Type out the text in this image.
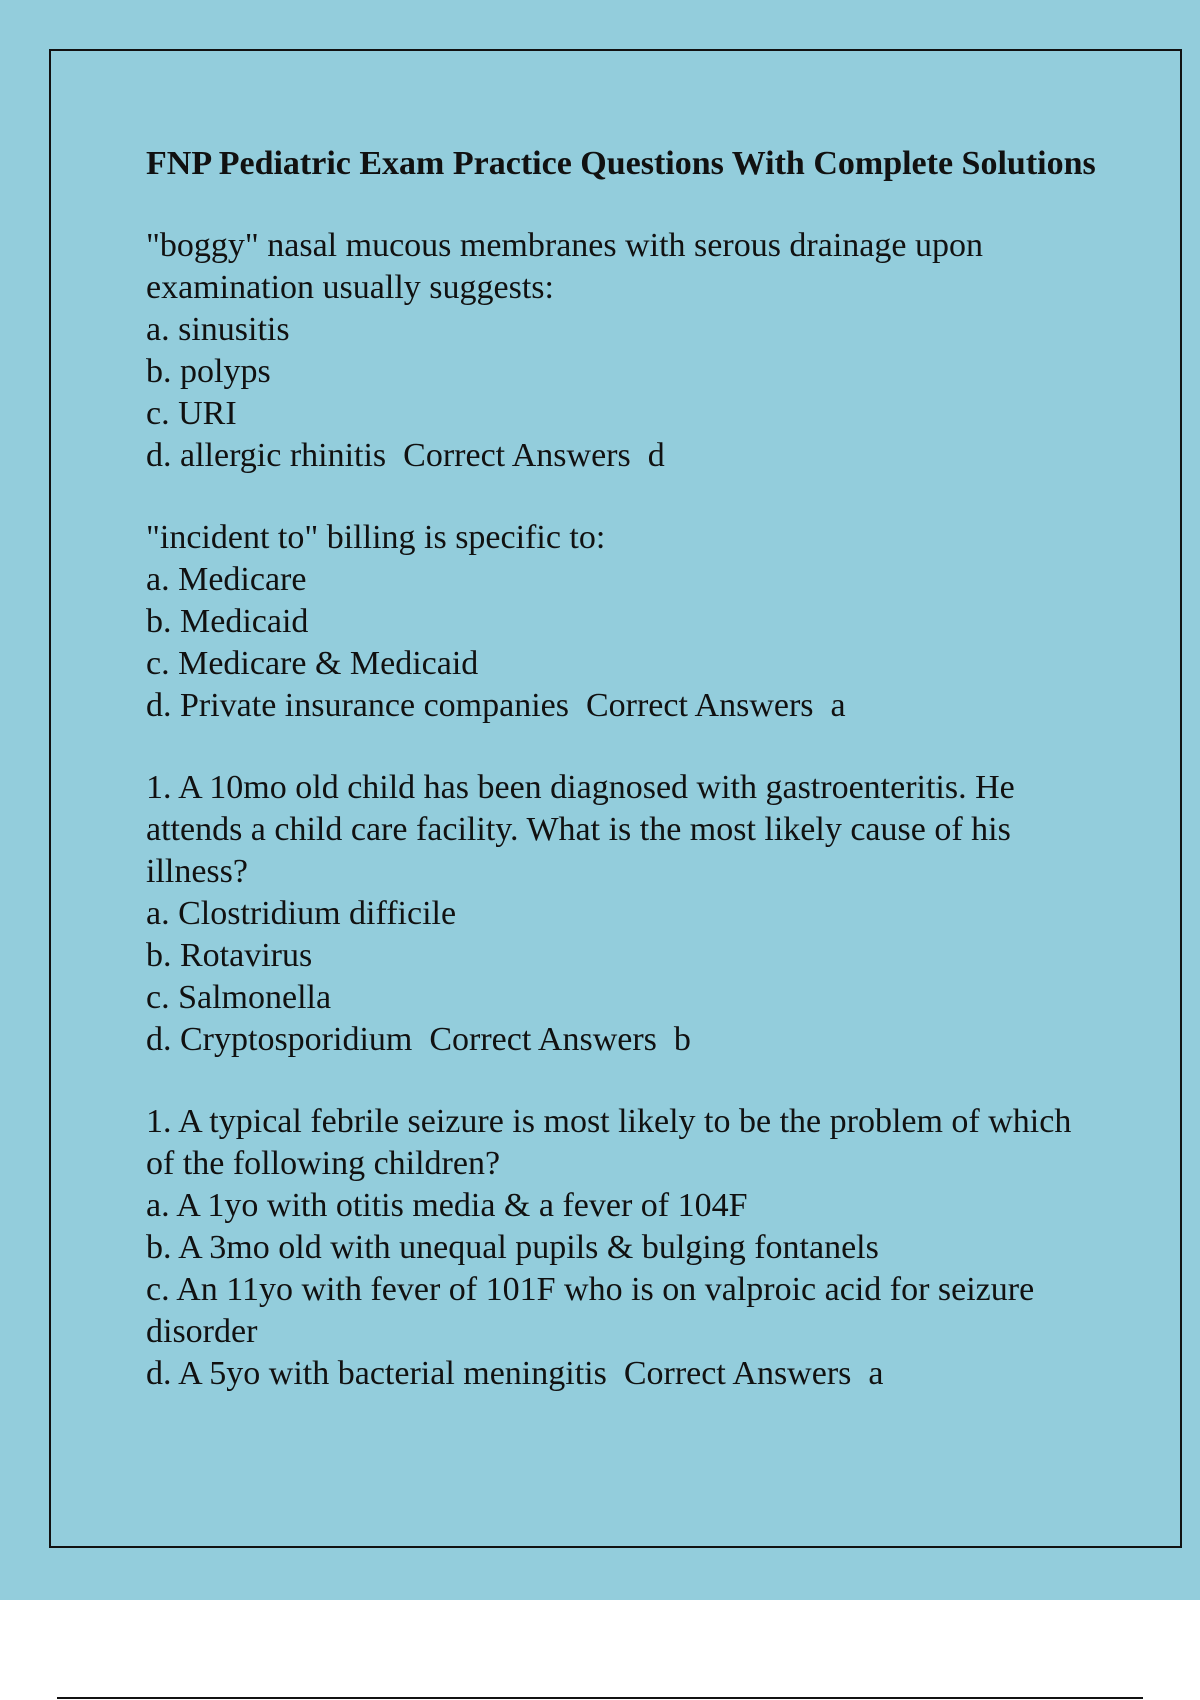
FNP Pediatric Exam Practice Questions With Complete Solutions
"boggy" nasal mucous membranes with serous drainage upon examination usually suggests:
a. sinusitis
b. polyps
c. URI
d. allergic rhinitis  Correct Answers  d
"incident to" billing is specific to:
a. Medicare
b. Medicaid
c. Medicare & Medicaid
d. Private insurance companies  Correct Answers  a
1. A 10mo old child has been diagnosed with gastroenteritis. He attends a child care facility. What is the most likely cause of his illness?
a. Clostridium difficile
b. Rotavirus
c. Salmonella
d. Cryptosporidium  Correct Answers  b
1. A typical febrile seizure is most likely to be the problem of which of the following children?
a. A 1yo with otitis media & a fever of 104F
b. A 3mo old with unequal pupils & bulging fontanels
c. An 11yo with fever of 101F who is on valproic acid for seizure disorder
d. A 5yo with bacterial meningitis  Correct Answers  a
